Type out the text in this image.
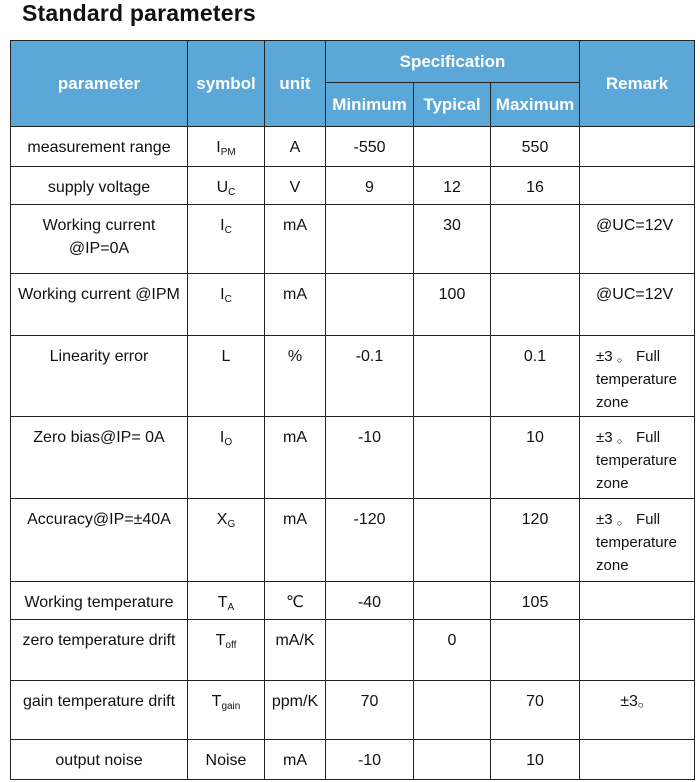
Standard parameters
parameter	symbol	unit	Specification			Remark
			Minimum	Typical	Maximum	

measurement range	$I_{PM}$	A	-550		550	

supply voltage	$U_C$	V	9	12	16	

Working current @IP=0A	$I_C$	mA		30		@UC=12V

Working current @IPM	$I_C$	mA		100		@UC=12V

Linearity error	L	%	-0.1		0.1	±3 。 Full temperature zone

Zero bias@IP= 0A	$I_O$	mA	-10		10	±3 。 Full temperature zone

Accuracy@IP=±40A	$X_G$	mA	-120		120	±3 。 Full temperature zone

Working temperature	$T_A$	℃	-40		105	

zero temperature drift	$T_{off}$	mA/K		0		

gain temperature drift	$T_{gain}$	ppm/K	70		70	±3。

output noise	Noise	mA	-10		10	
